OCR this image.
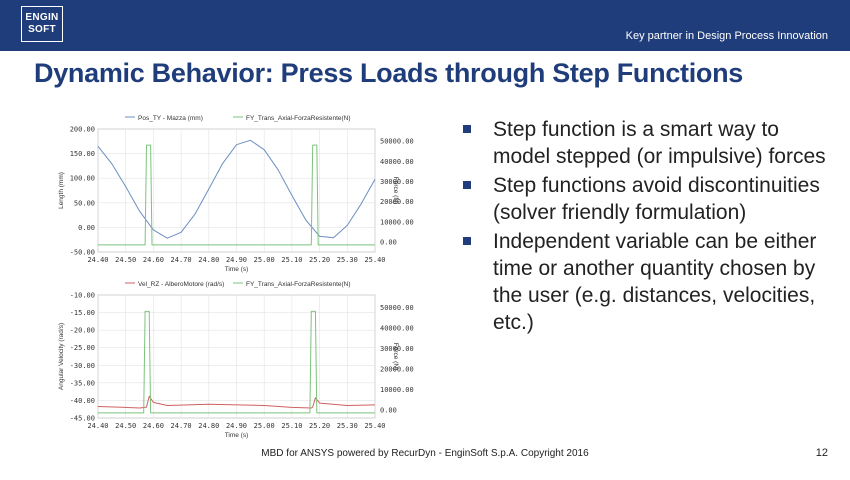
ENGIN
SOFT
Key partner in Design Process Innovation
Dynamic Behavior: Press Loads through Step Functions
Pos_TY - Mazza (mm)	FY_Trans_Axial-ForzaResistente(N)
24.40 24.50 24.60 24.70 24.80 24.90 25.00 25.10 25.20 25.30 25.40
200.00
150.00
100.00
50.00
0.00
-50.00
50000.00
40000.00
30000.00
20000.00
10000.00
0.00
Time (s)
Length (mm)	Force (N)
Vel_RZ - AlberoMotore (rad/s)	FY_Trans_Axial-ForzaResistente(N)
24.40 24.50 24.60 24.70 24.80 24.90 25.00 25.10 25.20 25.30 25.40
-10.00
-15.00
-20.00
-25.00
-30.00
-35.00
-40.00
-45.00
50000.00
40000.00
30000.00
20000.00
10000.00
0.00
Time (s)
Angular Velocity (rad/s)	Force (N)
Step function is a smart way to model stepped (or impulsive) forces
Step functions avoid discontinuities (solver friendly formulation)
Independent variable can be either time or another quantity chosen by the user (e.g. distances, velocities, etc.)
MBD for ANSYS powered by RecurDyn - EnginSoft S.p.A. Copyright 2016	12
